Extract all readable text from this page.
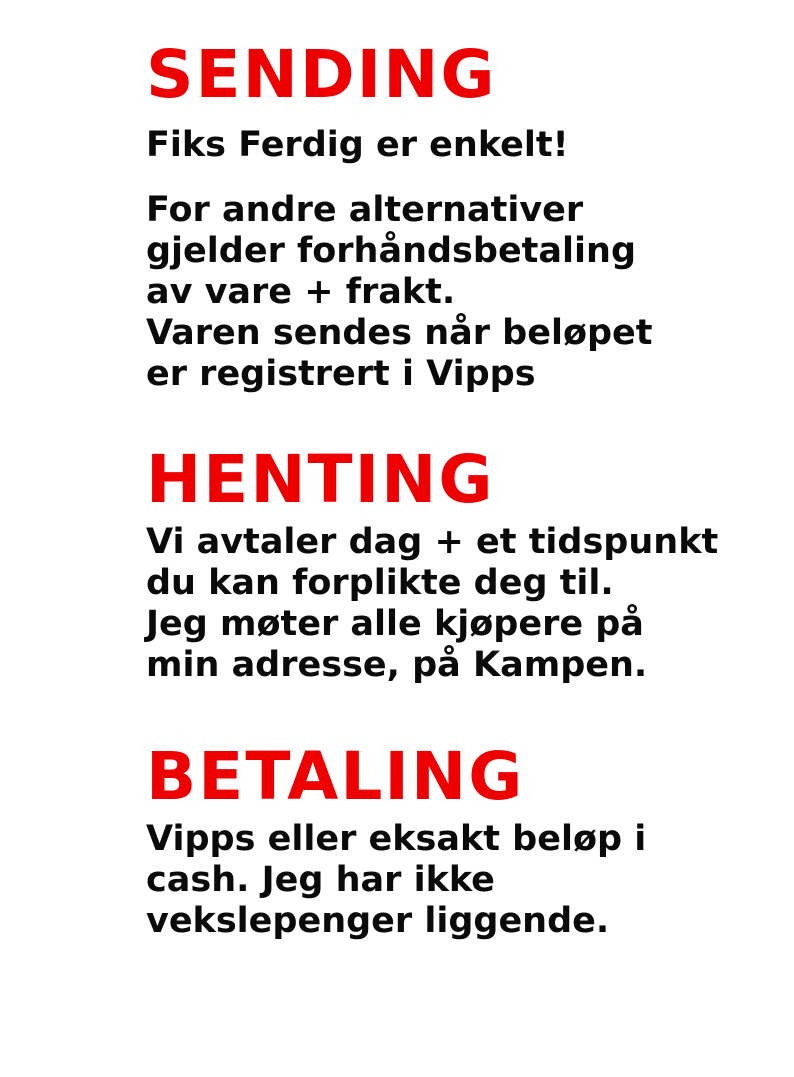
SENDING
Fiks Ferdig er enkelt!
For andre alternativer
gjelder forhåndsbetaling
av vare + frakt.
Varen sendes når beløpet
er registrert i Vipps
HENTING
Vi avtaler dag + et tidspunkt
du kan forplikte deg til.
Jeg møter alle kjøpere på
min adresse, på Kampen.
BETALING
Vipps eller eksakt beløp i
cash. Jeg har ikke
vekslepenger liggende.
